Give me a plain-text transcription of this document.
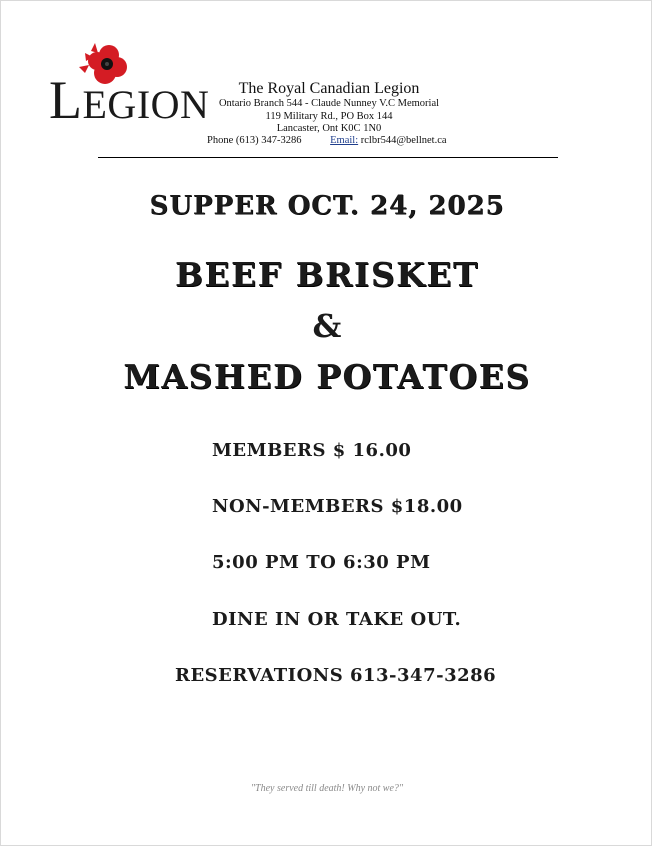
LEGION	The Royal Canadian Legion
Ontario Branch 544 - Claude Nunney V.C Memorial
119 Military Rd., PO Box 144
Lancaster, Ont K0C 1N0
Phone (613) 347-3286	Email: rclbr544@bellnet.ca
SUPPER OCT. 24, 2025
BEEF BRISKET
&
MASHED POTATOES
MEMBERS $ 16.00
NON-MEMBERS $18.00
5:00 PM TO 6:30 PM
DINE IN OR TAKE OUT.
RESERVATIONS 613-347-3286
"They served till death! Why not we?"
